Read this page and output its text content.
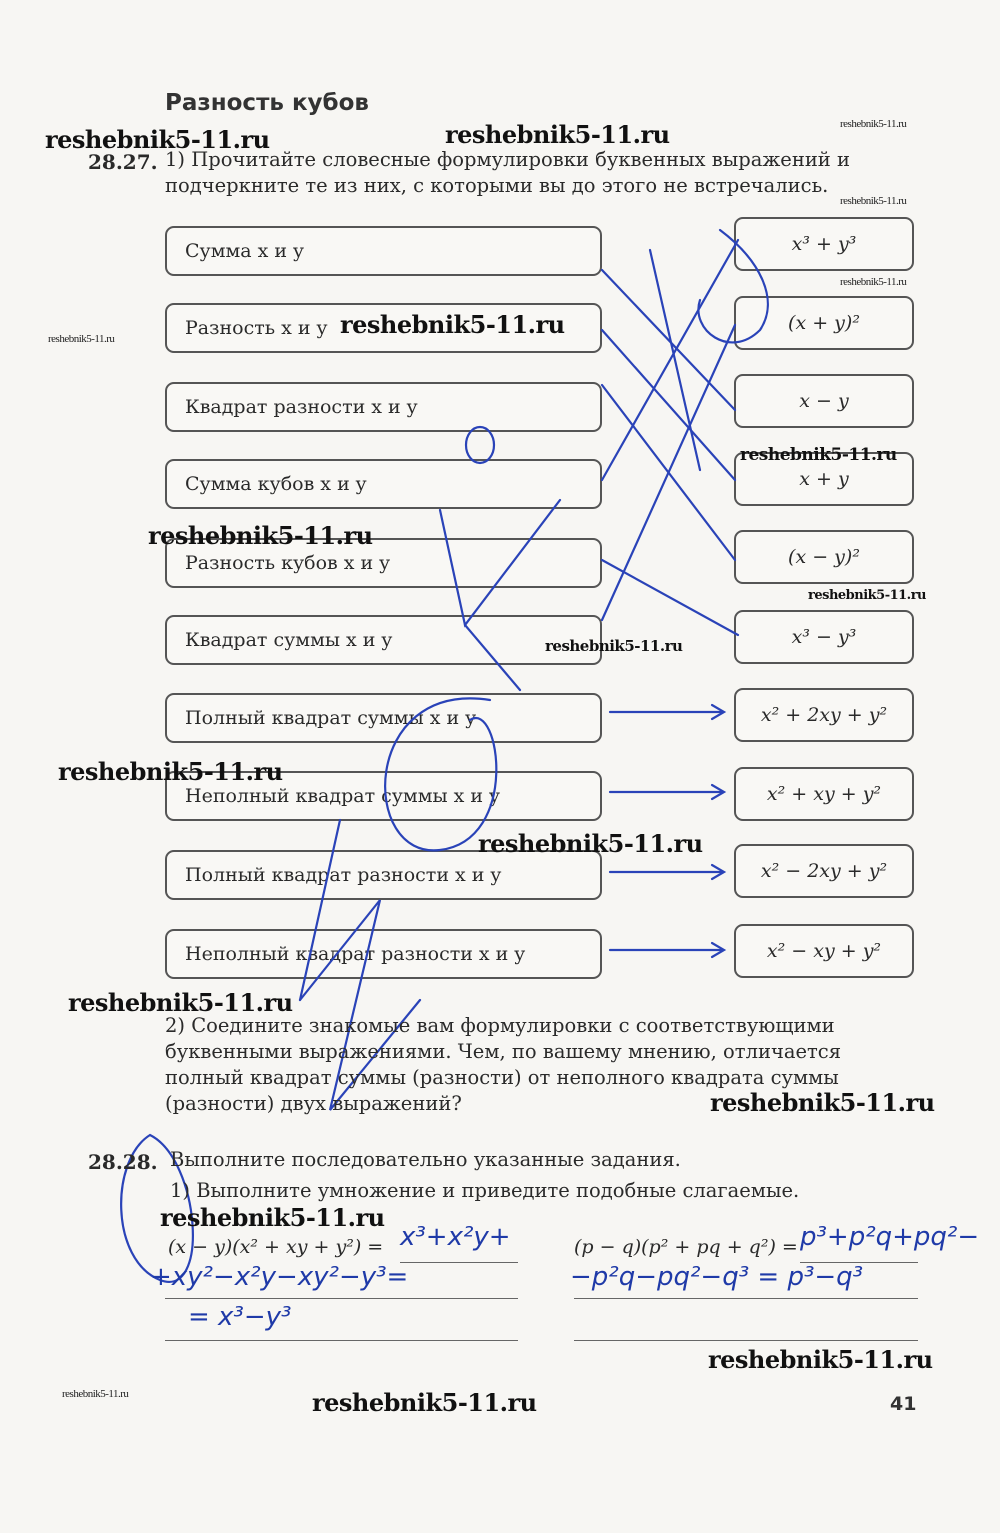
Разность кубов
28.27. 1) Прочитайте словесные формулировки буквенных выражений и
подчеркните те из них, с которыми вы до этого не встречались.
Сумма x и y
Разность x и y
Квадрат разности x и y
Сумма кубов x и y
Разность кубов x и y
Квадрат суммы x и y
Полный квадрат суммы x и y
Неполный квадрат суммы x и y
Полный квадрат разности x и y
Неполный квадрат разности x и y
x³ + y³
(x + y)²
x − y
x + y
(x − y)²
x³ − y³
x² + 2xy + y²
x² + xy + y²
x² − 2xy + y²
x² − xy + y²
2) Соедините знакомые вам формулировки с соответствующими
буквенными выражениями. Чем, по вашему мнению, отличается
полный квадрат суммы (разности) от неполного квадрата суммы
(разности) двух выражений?
28.28. Выполните последовательно указанные задания.
1) Выполните умножение и приведите подобные слагаемые.
(x − y)(x² + xy + y²) =	(p − q)(p² + pq + q²) =
x³+x²y+
+xy²−x²y−xy²−y³=
= x³−y³
p³+p²q+pq²−
−p²q−pq²−q³ = p³−q³
41
reshebnik5-11.ru	reshebnik5-11.ru	reshebnik5-11.ru
reshebnik5-11.ru
reshebnik5-11.ru
reshebnik5-11.ru	reshebnik5-11.ru
reshebnik5-11.ru
reshebnik5-11.ru
reshebnik5-11.ru
reshebnik5-11.ru
reshebnik5-11.ru
reshebnik5-11.ru
reshebnik5-11.ru
reshebnik5-11.ru
reshebnik5-11.ru
reshebnik5-11.ru
reshebnik5-11.ru	reshebnik5-11.ru
